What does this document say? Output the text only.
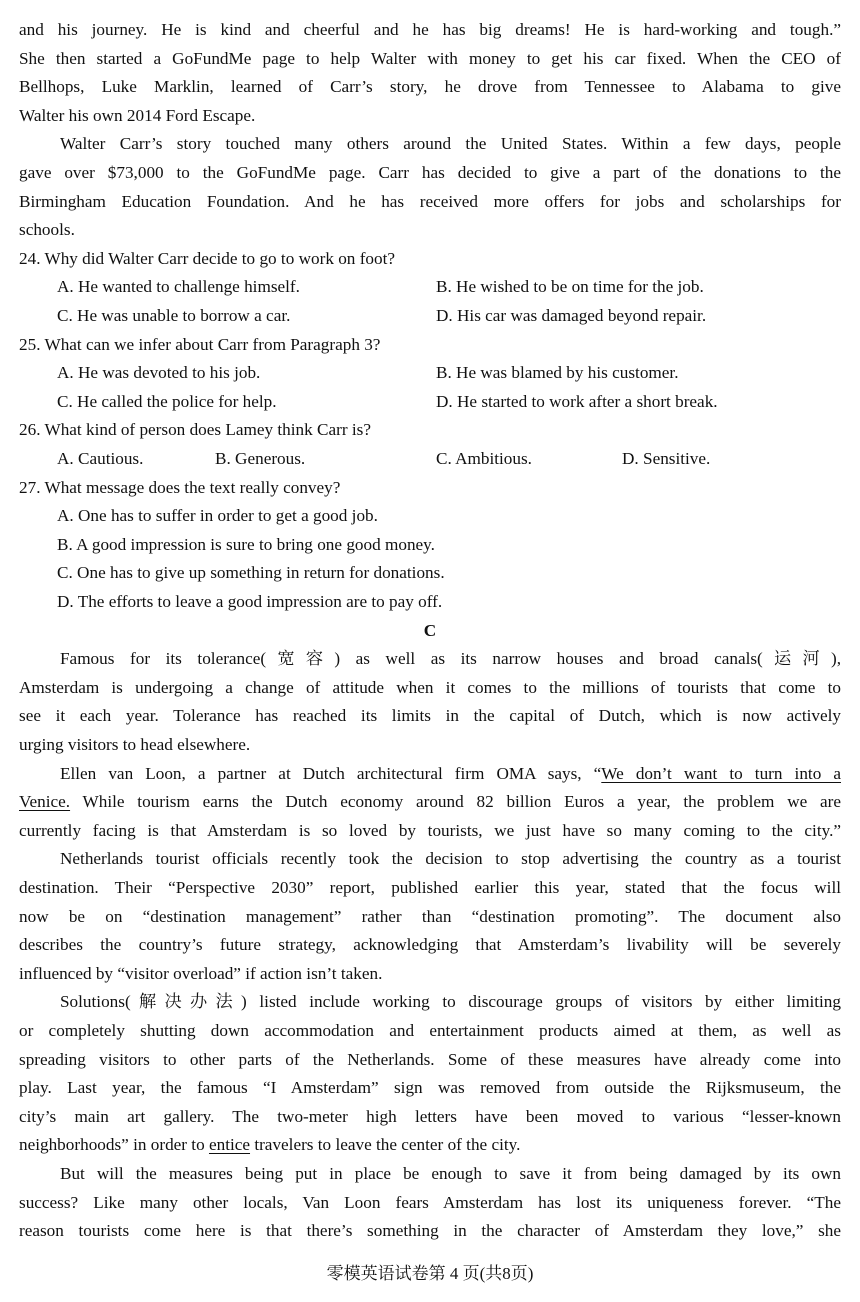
and his journey. He is kind and cheerful and he has big dreams! He is hard-working and tough.”
She then started a GoFundMe page to help Walter with money to get his car fixed. When the CEO of
Bellhops, Luke Marklin, learned of Carr’s story, he drove from Tennessee to Alabama to give
Walter his own 2014 Ford Escape.
Walter Carr’s story touched many others around the United States. Within a few days, people
gave over $73,000 to the GoFundMe page. Carr has decided to give a part of the donations to the
Birmingham Education Foundation. And he has received more offers for jobs and scholarships for
schools.
24. Why did Walter Carr decide to go to work on foot?
A. He wanted to challenge himself.	B. He wished to be on time for the job.
C. He was unable to borrow a car.	D. His car was damaged beyond repair.
25. What can we infer about Carr from Paragraph 3?
A. He was devoted to his job.	B. He was blamed by his customer.
C. He called the police for help.	D. He started to work after a short break.
26. What kind of person does Lamey think Carr is?
A. Cautious.	B. Generous.	C. Ambitious.	D. Sensitive.
27. What message does the text really convey?
A. One has to suffer in order to get a good job.
B. A good impression is sure to bring one good money.
C. One has to give up something in return for donations.
D. The efforts to leave a good impression are to pay off.
C
Famous for its tolerance(宽容) as well as its narrow houses and broad canals(运河),
Amsterdam is undergoing a change of attitude when it comes to the millions of tourists that come to
see it each year. Tolerance has reached its limits in the capital of Dutch, which is now actively
urging visitors to head elsewhere.
Ellen van Loon, a partner at Dutch architectural firm OMA says, “We don’t want to turn into a
Venice. While tourism earns the Dutch economy around 82 billion Euros a year, the problem we are
currently facing is that Amsterdam is so loved by tourists, we just have so many coming to the city.”
Netherlands tourist officials recently took the decision to stop advertising the country as a tourist
destination. Their “Perspective 2030” report, published earlier this year, stated that the focus will
now be on “destination management” rather than “destination promoting”. The document also
describes the country’s future strategy, acknowledging that Amsterdam’s livability will be severely
influenced by “visitor overload” if action isn’t taken.
Solutions(解决办法) listed include working to discourage groups of visitors by either limiting
or completely shutting down accommodation and entertainment products aimed at them, as well as
spreading visitors to other parts of the Netherlands. Some of these measures have already come into
play. Last year, the famous “I Amsterdam” sign was removed from outside the Rijksmuseum, the
city’s main art gallery. The two-meter high letters have been moved to various “lesser-known
neighborhoods” in order to entice travelers to leave the center of the city.
But will the measures being put in place be enough to save it from being damaged by its own
success? Like many other locals, Van Loon fears Amsterdam has lost its uniqueness forever. “The
reason tourists come here is that there’s something in the character of Amsterdam they love,” she
零模英语试卷第 4 页(共8页)
